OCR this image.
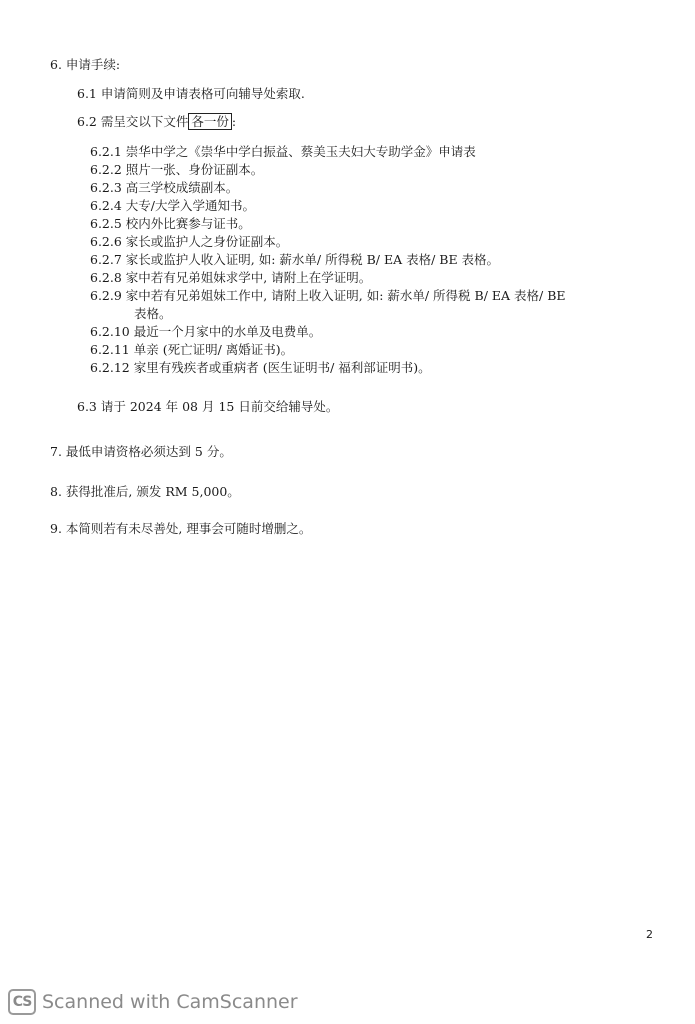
6. 申请手续:
6.1 申请简则及申请表格可向辅导处索取.
6.2 需呈交以下文件 各一份 :
6.2.1 崇华中学之《崇华中学白振益、蔡美玉夫妇大专助学金》申请表
6.2.2 照片一张、身份证副本。
6.2.3 高三学校成绩副本。
6.2.4 大专/大学入学通知书。
6.2.5 校内外比赛参与证书。
6.2.6 家长或监护人之身份证副本。
6.2.7 家长或监护人收入证明, 如: 薪水单/ 所得税 B/ EA 表格/ BE 表格。
6.2.8 家中若有兄弟姐妹求学中, 请附上在学证明。
6.2.9 家中若有兄弟姐妹工作中, 请附上收入证明, 如: 薪水单/ 所得税 B/ EA 表格/ BE
表格。
6.2.10 最近一个月家中的水单及电费单。
6.2.11 单亲 (死亡证明/ 离婚证书)。
6.2.12 家里有残疾者或重病者 (医生证明书/ 福利部证明书)。
6.3 请于 2024 年 08 月 15 日前交给辅导处。
7. 最低申请资格必须达到 5 分。
8. 获得批准后, 颁发 RM 5,000。
9. 本简则若有未尽善处, 理事会可随时增删之。
2
CS Scanned with CamScanner
